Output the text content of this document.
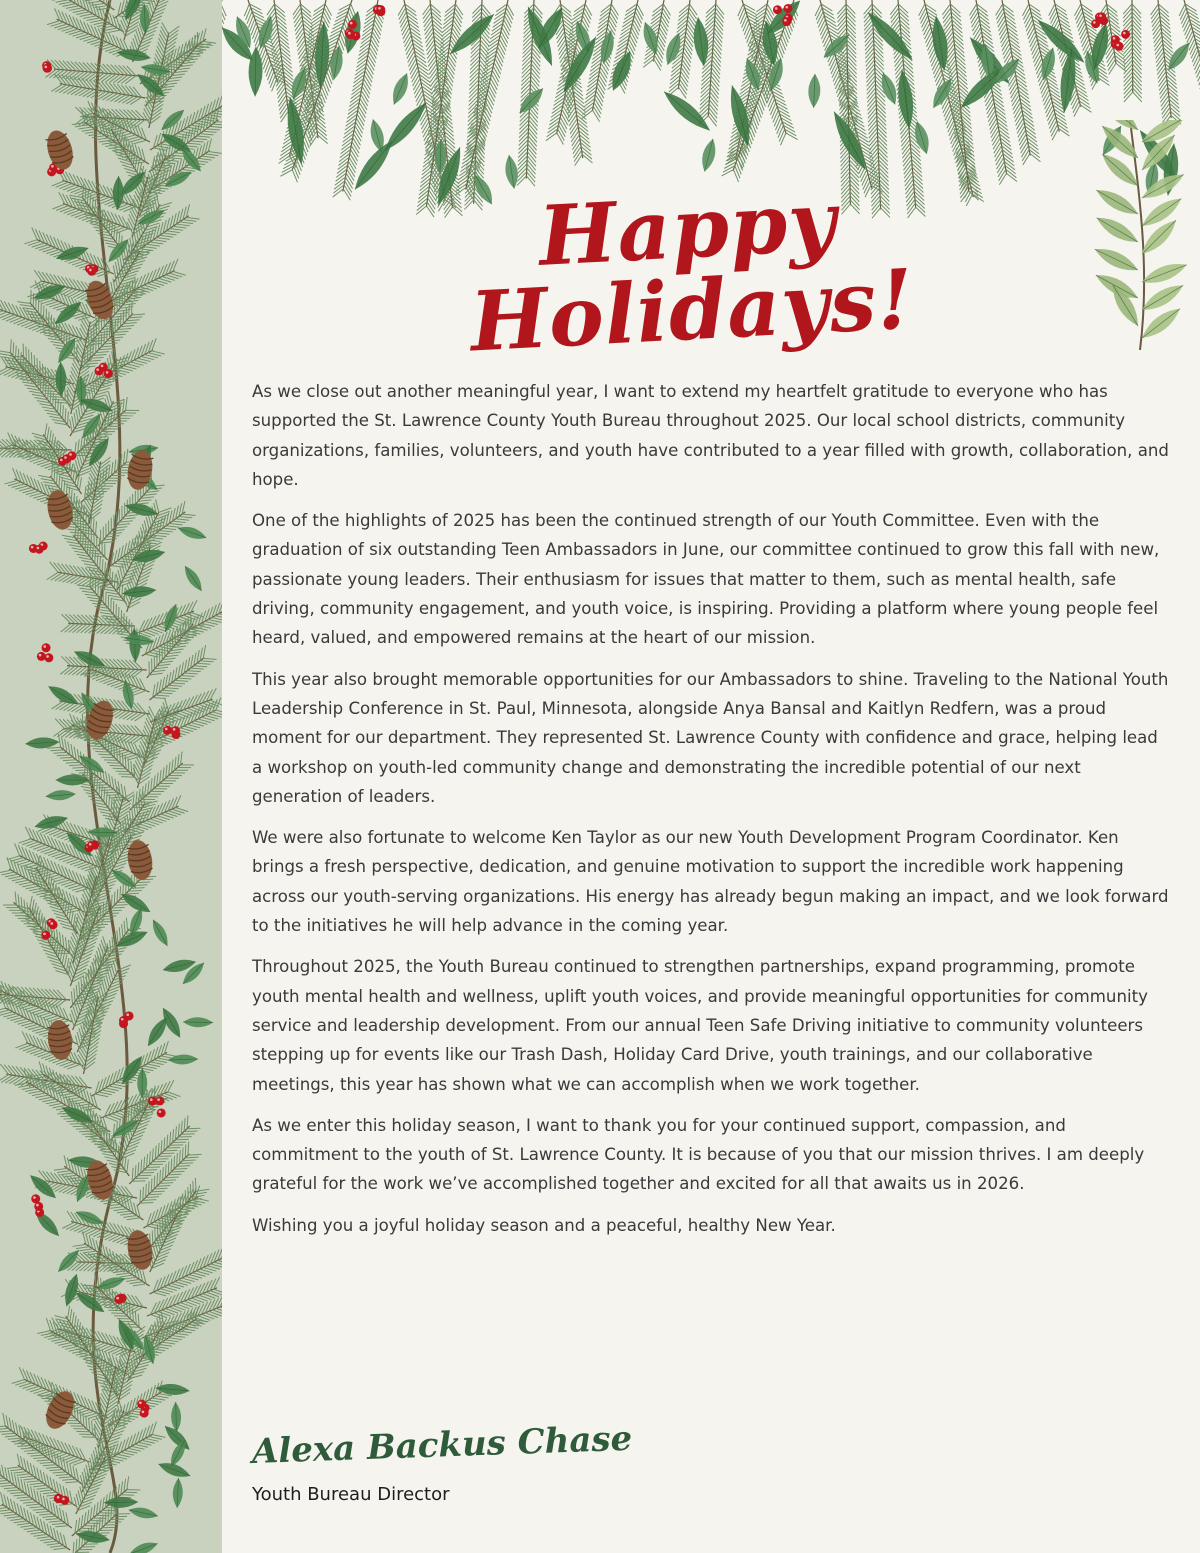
Happy Holidays!

As we close out another meaningful year, I want to extend my heartfelt gratitude to everyone who has supported the St. Lawrence County Youth Bureau throughout 2025. Our local school districts, community organizations, families, volunteers, and youth have contributed to a year filled with growth, collaboration, and hope.

One of the highlights of 2025 has been the continued strength of our Youth Committee. Even with the graduation of six outstanding Teen Ambassadors in June, our committee continued to grow this fall with new, passionate young leaders. Their enthusiasm for issues that matter to them, such as mental health, safe driving, community engagement, and youth voice, is inspiring. Providing a platform where young people feel heard, valued, and empowered remains at the heart of our mission.

This year also brought memorable opportunities for our Ambassadors to shine. Traveling to the National Youth Leadership Conference in St. Paul, Minnesota, alongside Anya Bansal and Kaitlyn Redfern, was a proud moment for our department. They represented St. Lawrence County with confidence and grace, helping lead a workshop on youth-led community change and demonstrating the incredible potential of our next generation of leaders.

We were also fortunate to welcome Ken Taylor as our new Youth Development Program Coordinator. Ken brings a fresh perspective, dedication, and genuine motivation to support the incredible work happening across our youth-serving organizations. His energy has already begun making an impact, and we look forward to the initiatives he will help advance in the coming year.

Throughout 2025, the Youth Bureau continued to strengthen partnerships, expand programming, promote youth mental health and wellness, uplift youth voices, and provide meaningful opportunities for community service and leadership development. From our annual Teen Safe Driving initiative to community volunteers stepping up for events like our Trash Dash, Holiday Card Drive, youth trainings, and our collaborative meetings, this year has shown what we can accomplish when we work together.

As we enter this holiday season, I want to thank you for your continued support, compassion, and commitment to the youth of St. Lawrence County. It is because of you that our mission thrives. I am deeply grateful for the work we’ve accomplished together and excited for all that awaits us in 2026.

Wishing you a joyful holiday season and a peaceful, healthy New Year.

Alexa Backus Chase

Youth Bureau Director
